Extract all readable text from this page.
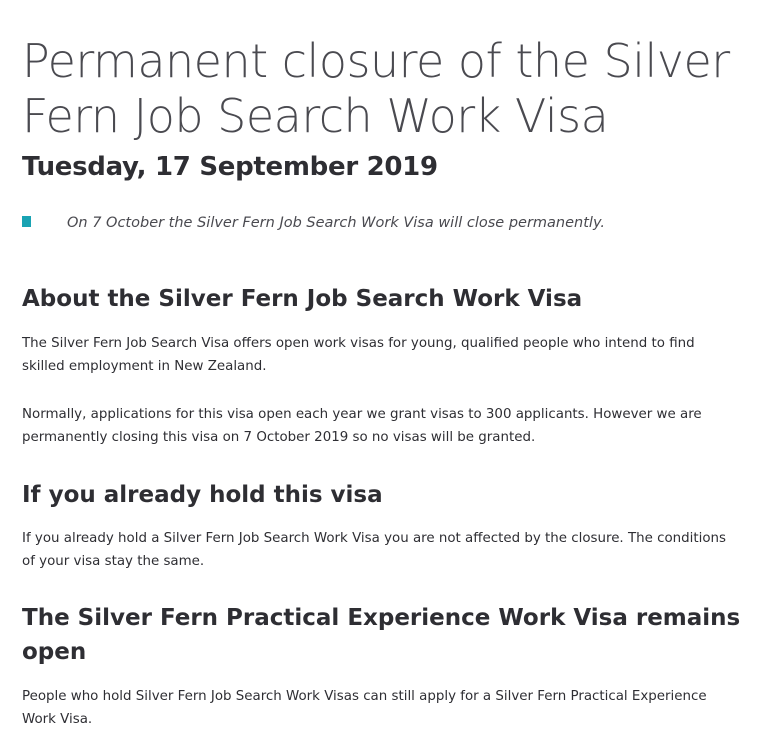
Permanent closure of the Silver Fern Job Search Work Visa
Tuesday, 17 September 2019
On 7 October the Silver Fern Job Search Work Visa will close permanently.
About the Silver Fern Job Search Work Visa

The Silver Fern Job Search Visa offers open work visas for young, qualified people who intend to find skilled employment in New Zealand.

Normally, applications for this visa open each year we grant visas to 300 applicants. However we are permanently closing this visa on 7 October 2019 so no visas will be granted.

If you already hold this visa

If you already hold a Silver Fern Job Search Work Visa you are not affected by the closure. The conditions of your visa stay the same.

The Silver Fern Practical Experience Work Visa remains open

People who hold Silver Fern Job Search Work Visas can still apply for a Silver Fern Practical Experience Work Visa.
